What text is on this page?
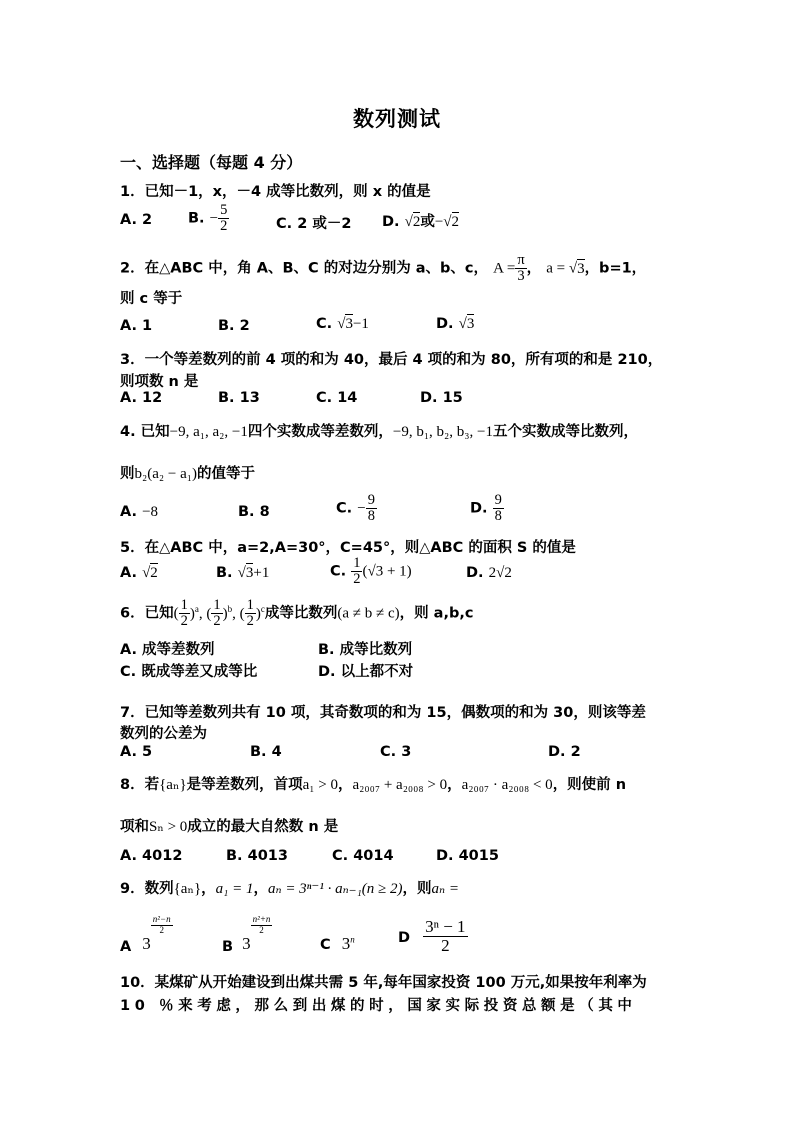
数列测试
一、选择题（每题 4 分）
1．已知－1，x，－4 成等比数列，则 x 的值是
A. 2 B. − $\frac{5}{2}$	C. 2 或－2 D. √2或−√2
2．在△ABC 中，角 A、B、C 的对边分别为 a、b、c， $A = \frac{\pi}{3}$ ， a = √3，b=1，
则 c 等于
A. 1	B. 2	C. √3−1	D. √3
3．一个等差数列的前 4 项的和为 40，最后 4 项的和为 80，所有项的和是 210，
则项数 n 是
A. 12	B. 13	C. 14	D. 15
4. 已知−9, a₁, a₂, −1四个实数成等差数列，−9, b₁, b₂, b₃, −1五个实数成等比数列，
则b₂(a₂ − a₁)的值等于
A. −8	B. 8	C. − $\frac{9}{8}$	D. $\frac{9}{8}$
5．在△ABC 中，a=2,A=30°，C=45°，则△ABC 的面积 S 的值是
A. √2	B. √3+1	C. $\frac{1}{2} (√3 + 1)$	D. 2√2
6．已知( $\frac{1}{2} )^a$, ( $\frac{1}{2} )^b$, ( $\frac{1}{2} )^c$成等比数列(a ≠ b ≠ c)，则 a,b,c
A. 成等差数列	B. 成等比数列
C. 既成等差又成等比	D. 以上都不对
7．已知等差数列共有 10 项，其奇数项的和为 15，偶数项的和为 30，则该等差
数列的公差为
A. 5	B. 4	C. 3	D. 2
8．若{aₙ}是等差数列，首项a₁ > 0，a₂₀₀₇ + a₂₀₀₈ > 0，a₂₀₀₇ · a₂₀₀₈ < 0，则使前 n
项和Sₙ > 0成立的最大自然数 n 是
A. 4012	B. 4013	C. 4014	D. 4015
9．数列{aₙ}，a₁ = 1，aₙ = 3ⁿ⁻¹ · aₙ₋₁(n ≥ 2)，则aₙ =
A 3
$\frac{\text{n²−n}}{2}$
B 3
$\frac{\text{n²+n}}{2}$
C 3$^n$	D $\frac{\text{3ⁿ − 1}}{2}$
10．某煤矿从开始建设到出煤共需 5 年,每年国家投资 100 万元,如果按年利率为
10 ％来考虑，那么到出煤的时，国家实际投资总额是（其中
